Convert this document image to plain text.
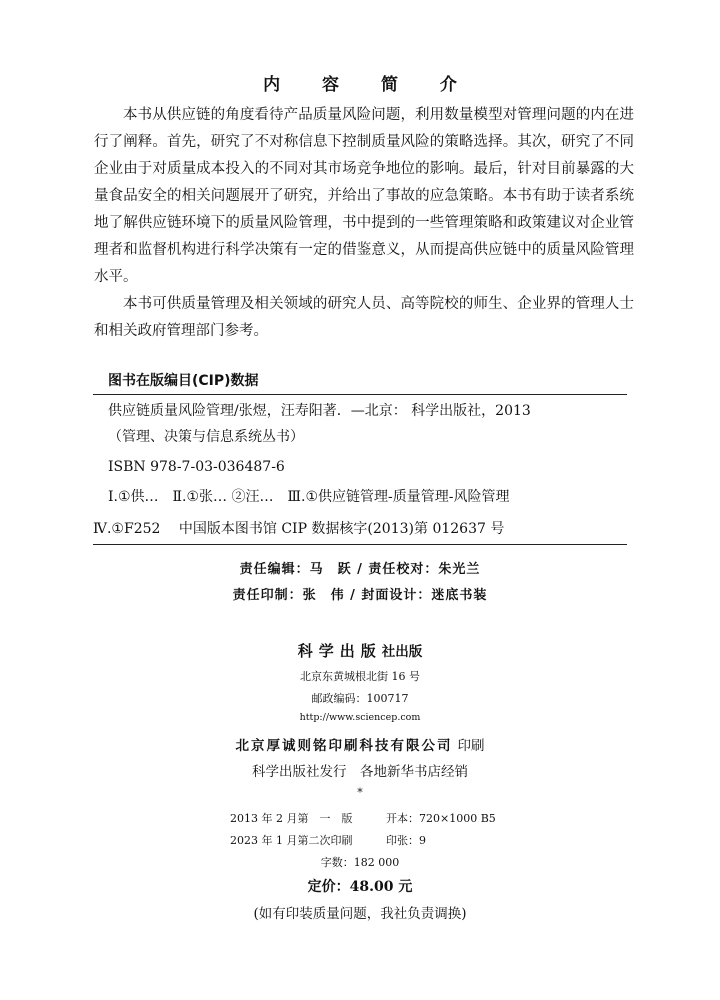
内 容 简 介

本书从供应链的角度看待产品质量风险问题，利用数量模型对管理问题的内在进行了阐释。首先，研究了不对称信息下控制质量风险的策略选择。其次，研究了不同企业由于对质量成本投入的不同对其市场竞争地位的影响。最后，针对目前暴露的大量食品安全的相关问题展开了研究，并给出了事故的应急策略。本书有助于读者系统地了解供应链环境下的质量风险管理，书中提到的一些管理策略和政策建议对企业管理者和监督机构进行科学决策有一定的借鉴意义，从而提高供应链中的质量风险管理水平。

本书可供质量管理及相关领域的研究人员、高等院校的师生、企业界的管理人士和相关政府管理部门参考。

图书在版编目(CIP)数据
供应链质量风险管理/张煜，汪寿阳著．—北京： 科学出版社，2013
（管理、决策与信息系统丛书）
ISBN 978-7-03-036487-6
Ⅰ.①供…　Ⅱ.①张… ②汪…　Ⅲ.①供应链管理-质量管理-风险管理
Ⅳ.①F252　 中国版本图书馆 CIP 数据核字(2013)第 012637 号
责任编辑：马　跃 / 责任校对：朱光兰
责任印制：张　伟 / 封面设计：迷底书装
科学出版社出版
北京东黄城根北街 16 号
邮政编码：100717
http://www.sciencep.com
北京厚诚则铭印刷科技有限公司 印刷
科学出版社发行　各地新华书店经销
*
2013 年 2 月第　一　版	开本：720×1000 B5
2023 年 1 月第二次印刷	印张：9
字数：182 000
定价：48.00 元
(如有印装质量问题，我社负责调换)
